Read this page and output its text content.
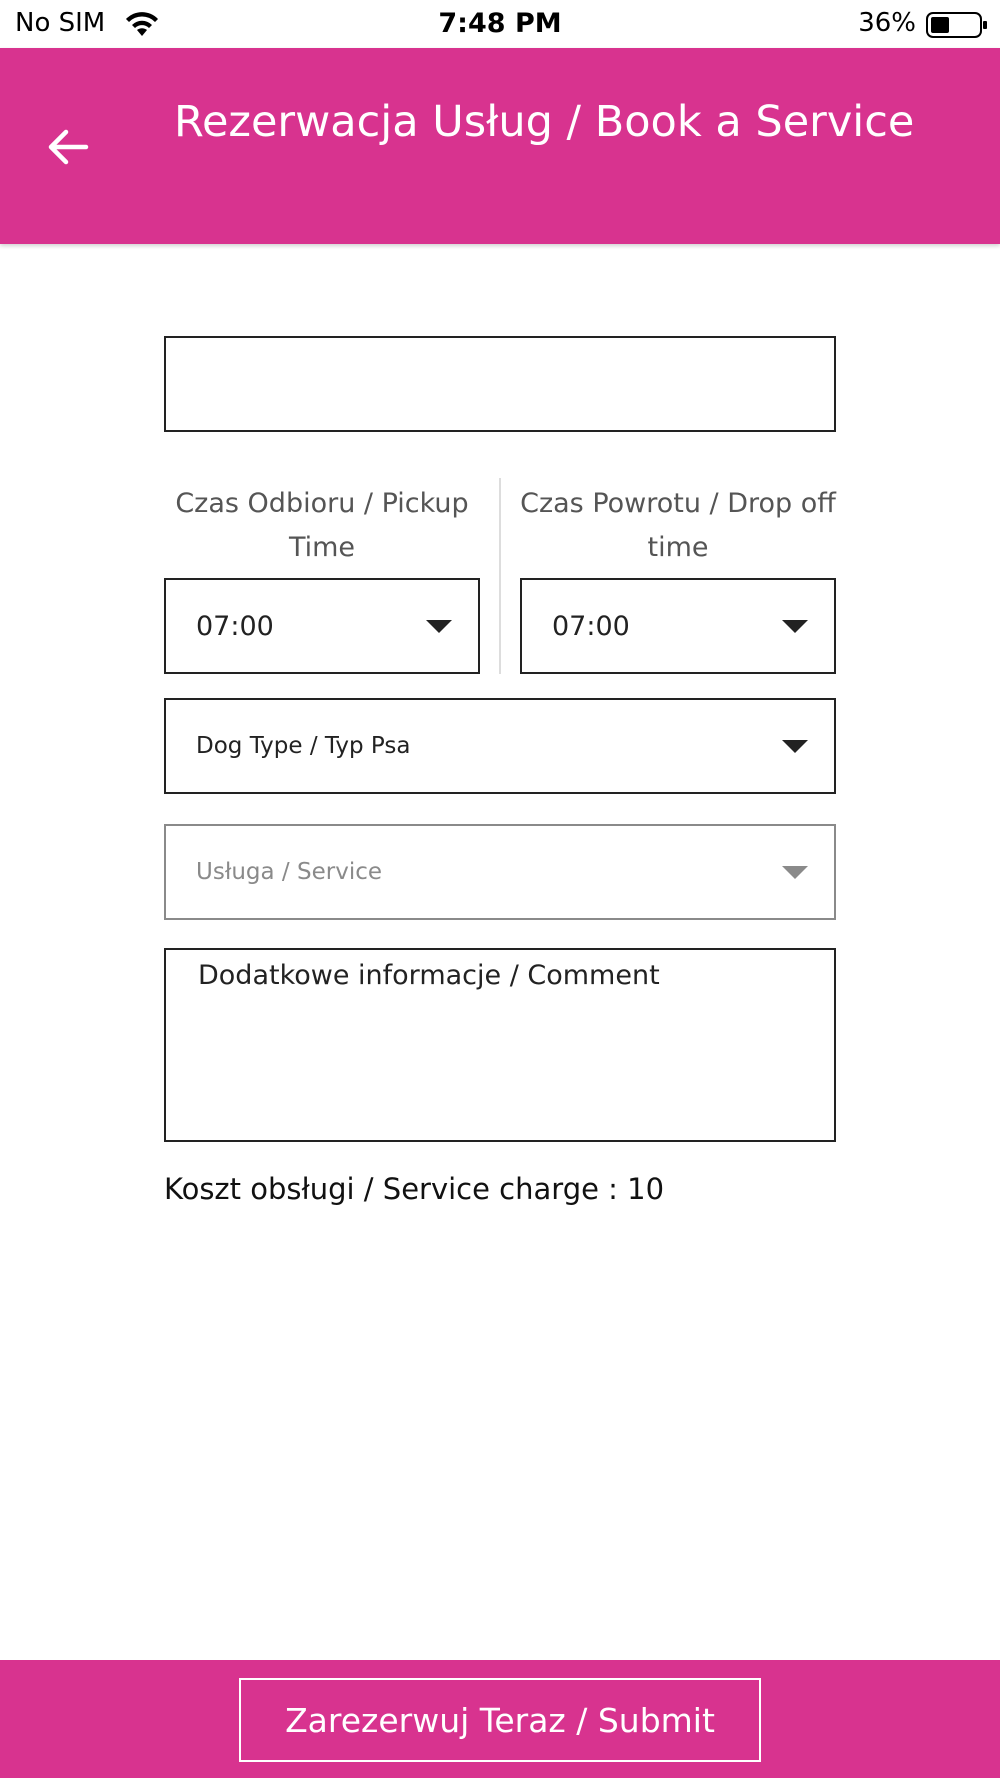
No SIM	7:48 PM	36%
Rezerwacja Usług / Book a Service
Czas Odbioru / Pickup Time
Czas Powrotu / Drop off time
07:00	07:00
Dog Type / Typ Psa
Usługa / Service
Dodatkowe informacje / Comment
Koszt obsługi / Service charge : 10
Zarezerwuj Teraz / Submit
